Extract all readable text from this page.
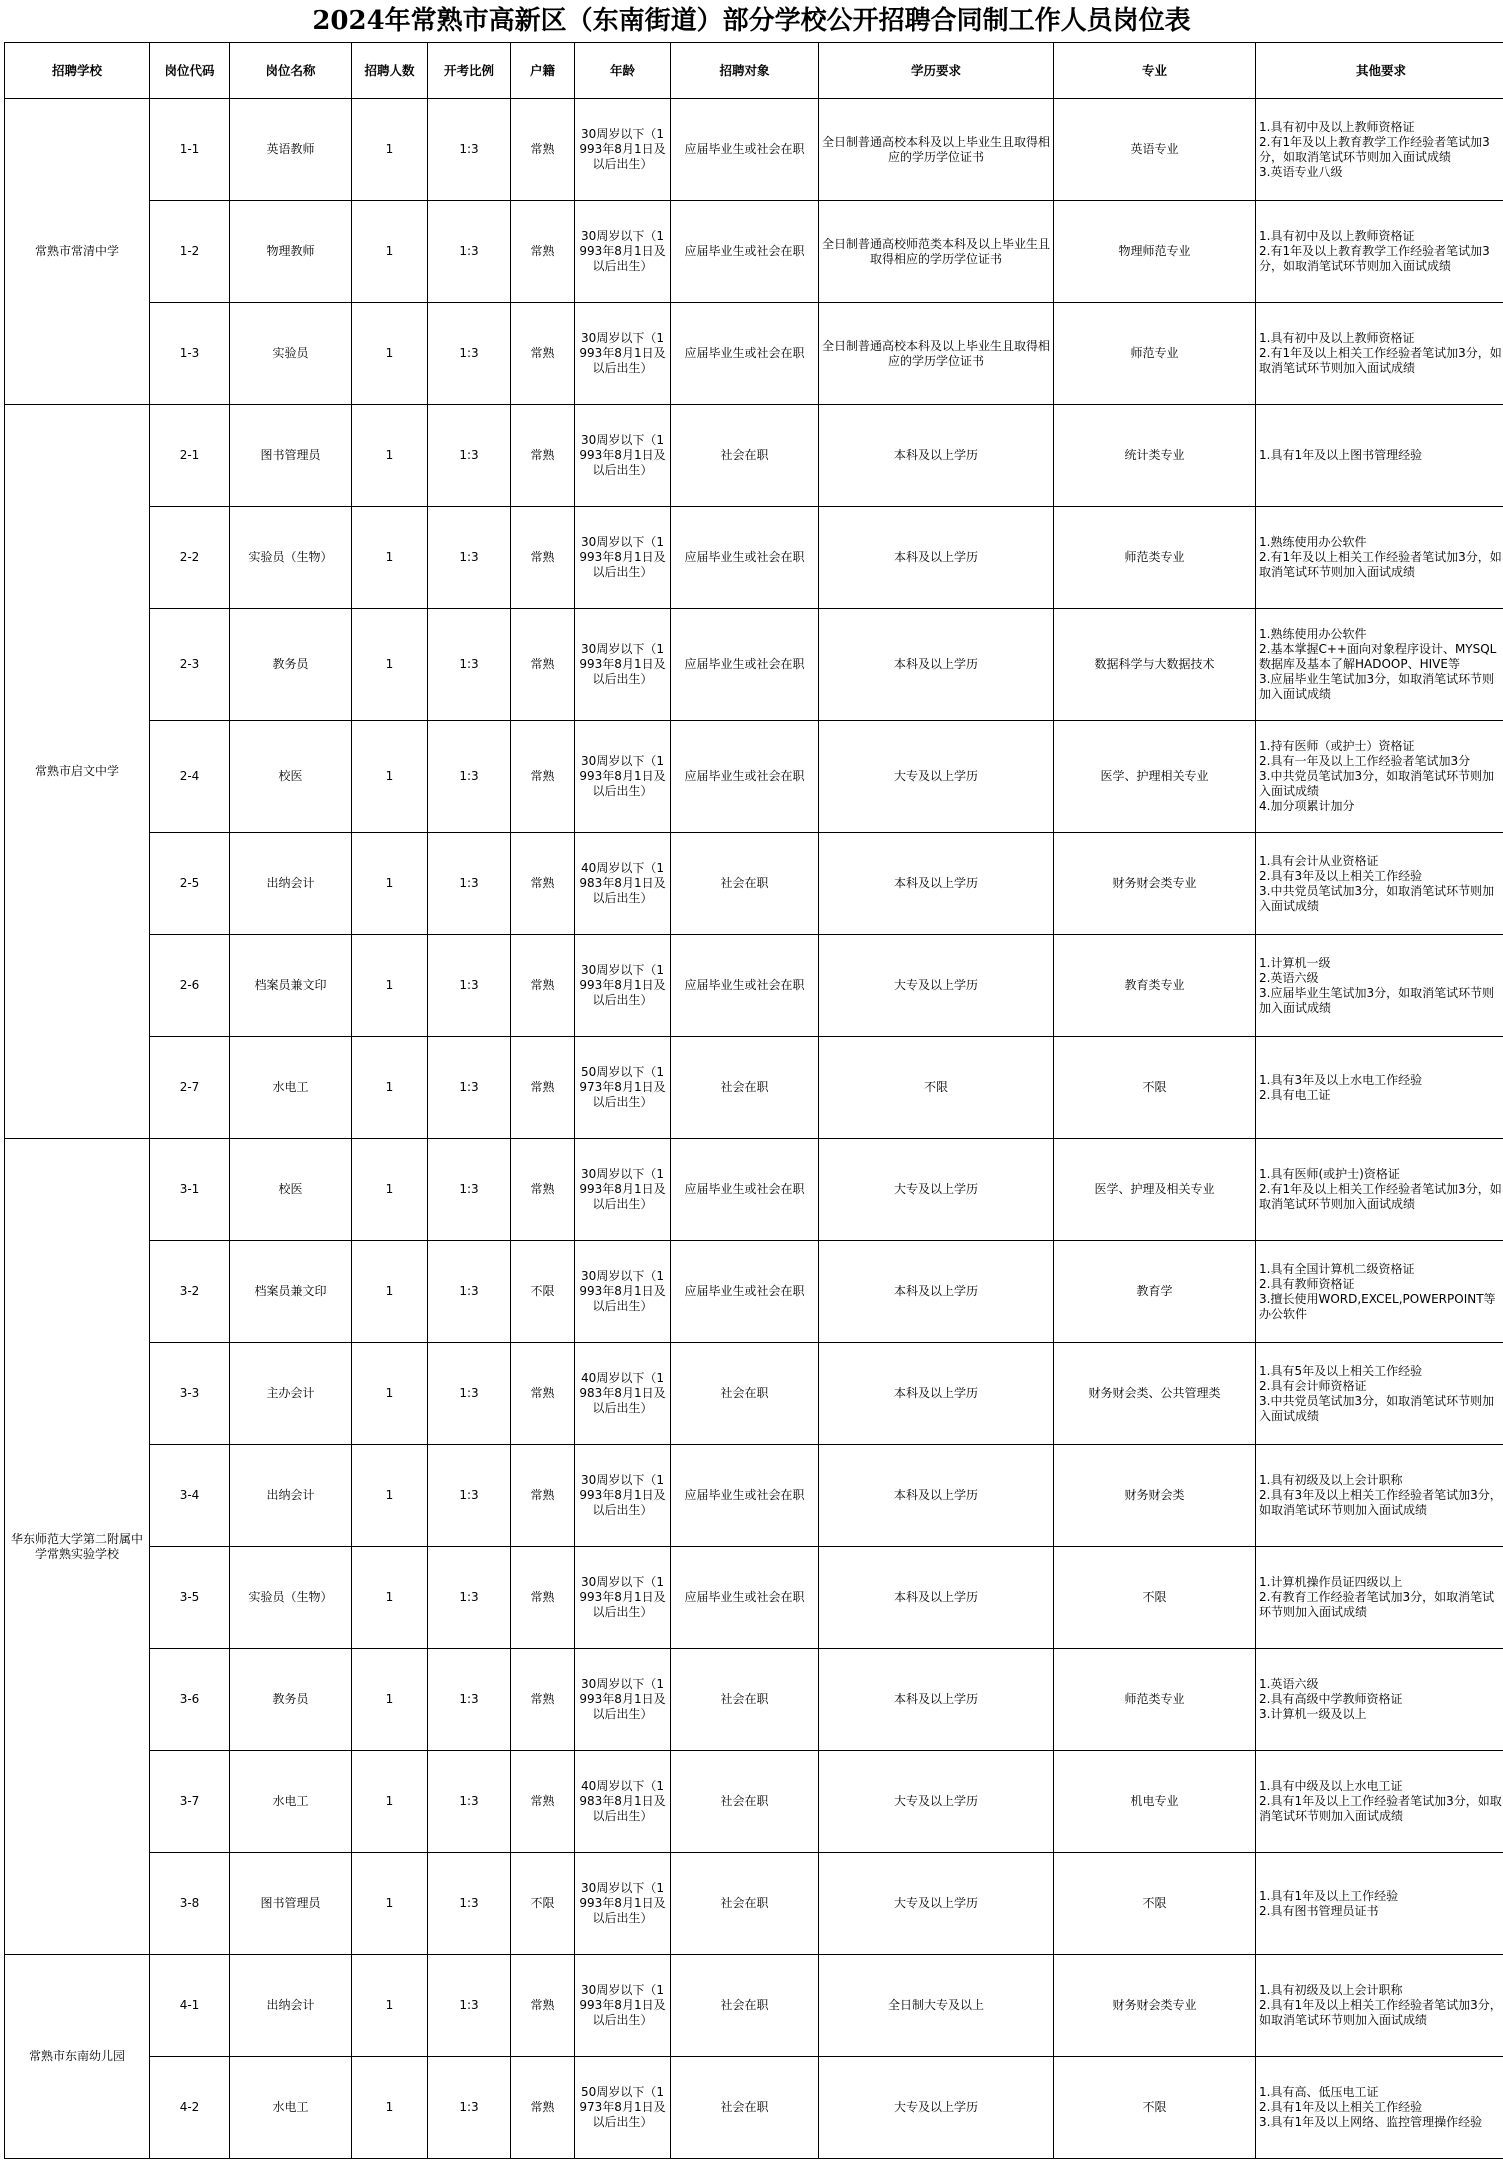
2024年常熟市高新区（东南街道）部分学校公开招聘合同制工作人员岗位表
招聘学校	岗位代码	岗位名称	招聘人数	开考比例	户籍	年龄	招聘对象	学历要求	专业	其他要求
常熟市常清中学	1-1	英语教师	1	1:3	常熟	30周岁以下（1993年8月1日及以后出生）	应届毕业生或社会在职	全日制普通高校本科及以上毕业生且取得相应的学历学位证书	英语专业	1.具有初中及以上教师资格证
2.有1年及以上教育教学工作经验者笔试加3分，如取消笔试环节则加入面试成绩
3.英语专业八级

	1-2	物理教师	1	1:3	常熟	30周岁以下（1993年8月1日及以后出生）	应届毕业生或社会在职	全日制普通高校师范类本科及以上毕业生且取得相应的学历学位证书	物理师范专业	1.具有初中及以上教师资格证
2.有1年及以上教育教学工作经验者笔试加3分，如取消笔试环节则加入面试成绩

	1-3	实验员	1	1:3	常熟	30周岁以下（1993年8月1日及以后出生）	应届毕业生或社会在职	全日制普通高校本科及以上毕业生且取得相应的学历学位证书	师范专业	1.具有初中及以上教师资格证
2.有1年及以上相关工作经验者笔试加3分，如取消笔试环节则加入面试成绩

常熟市启文中学	2-1	图书管理员	1	1:3	常熟	30周岁以下（1993年8月1日及以后出生）	社会在职	本科及以上学历	统计类专业	1.具有1年及以上图书管理经验

	2-2	实验员（生物）	1	1:3	常熟	30周岁以下（1993年8月1日及以后出生）	应届毕业生或社会在职	本科及以上学历	师范类专业	1.熟练使用办公软件
2.有1年及以上相关工作经验者笔试加3分，如取消笔试环节则加入面试成绩

	2-3	教务员	1	1:3	常熟	30周岁以下（1993年8月1日及以后出生）	应届毕业生或社会在职	本科及以上学历	数据科学与大数据技术	1.熟练使用办公软件
2.基本掌握C++面向对象程序设计、MYSQL数据库及基本了解HADOOP、HIVE等
3.应届毕业生笔试加3分，如取消笔试环节则加入面试成绩

	2-4	校医	1	1:3	常熟	30周岁以下（1993年8月1日及以后出生）	应届毕业生或社会在职	大专及以上学历	医学、护理相关专业	1.持有医师（或护士）资格证
2.具有一年及以上工作经验者笔试加3分
3.中共党员笔试加3分，如取消笔试环节则加入面试成绩
4.加分项累计加分

	2-5	出纳会计	1	1:3	常熟	40周岁以下（1983年8月1日及以后出生）	社会在职	本科及以上学历	财务财会类专业	1.具有会计从业资格证
2.具有3年及以上相关工作经验
3.中共党员笔试加3分，如取消笔试环节则加入面试成绩

	2-6	档案员兼文印	1	1:3	常熟	30周岁以下（1993年8月1日及以后出生）	应届毕业生或社会在职	大专及以上学历	教育类专业	1.计算机一级
2.英语六级
3.应届毕业生笔试加3分，如取消笔试环节则加入面试成绩

	2-7	水电工	1	1:3	常熟	50周岁以下（1973年8月1日及以后出生）	社会在职	不限	不限	1.具有3年及以上水电工作经验
2.具有电工证

华东师范大学第二附属中学常熟实验学校	3-1	校医	1	1:3	常熟	30周岁以下（1993年8月1日及以后出生）	应届毕业生或社会在职	大专及以上学历	医学、护理及相关专业	1.具有医师(或护士)资格证
2.有1年及以上相关工作经验者笔试加3分，如取消笔试环节则加入面试成绩

	3-2	档案员兼文印	1	1:3	不限	30周岁以下（1993年8月1日及以后出生）	应届毕业生或社会在职	本科及以上学历	教育学	1.具有全国计算机二级资格证
2.具有教师资格证
3.擅长使用WORD,EXCEL,POWERPOINT等办公软件

	3-3	主办会计	1	1:3	常熟	40周岁以下（1983年8月1日及以后出生）	社会在职	本科及以上学历	财务财会类、公共管理类	1.具有5年及以上相关工作经验
2.具有会计师资格证
3.中共党员笔试加3分，如取消笔试环节则加入面试成绩

	3-4	出纳会计	1	1:3	常熟	30周岁以下（1993年8月1日及以后出生）	应届毕业生或社会在职	本科及以上学历	财务财会类	1.具有初级及以上会计职称
2.具有3年及以上相关工作经验者笔试加3分，如取消笔试环节则加入面试成绩

	3-5	实验员（生物）	1	1:3	常熟	30周岁以下（1993年8月1日及以后出生）	应届毕业生或社会在职	本科及以上学历	不限	1.计算机操作员证四级以上
2.有教育工作经验者笔试加3分，如取消笔试环节则加入面试成绩

	3-6	教务员	1	1:3	常熟	30周岁以下（1993年8月1日及以后出生）	社会在职	本科及以上学历	师范类专业	1.英语六级
2.具有高级中学教师资格证
3.计算机一级及以上

	3-7	水电工	1	1:3	常熟	40周岁以下（1983年8月1日及以后出生）	社会在职	大专及以上学历	机电专业	1.具有中级及以上水电工证
2.具有1年及以上工作经验者笔试加3分，如取消笔试环节则加入面试成绩

	3-8	图书管理员	1	1:3	不限	30周岁以下（1993年8月1日及以后出生）	社会在职	大专及以上学历	不限	1.具有1年及以上工作经验
2.具有图书管理员证书

常熟市东南幼儿园	4-1	出纳会计	1	1:3	常熟	30周岁以下（1993年8月1日及以后出生）	社会在职	全日制大专及以上	财务财会类专业	1.具有初级及以上会计职称
2.具有1年及以上相关工作经验者笔试加3分，如取消笔试环节则加入面试成绩

	4-2	水电工	1	1:3	常熟	50周岁以下（1973年8月1日及以后出生）	社会在职	大专及以上学历	不限	1.具有高、低压电工证
2.具有1年及以上相关工作经验
3.具有1年及以上网络、监控管理操作经验
